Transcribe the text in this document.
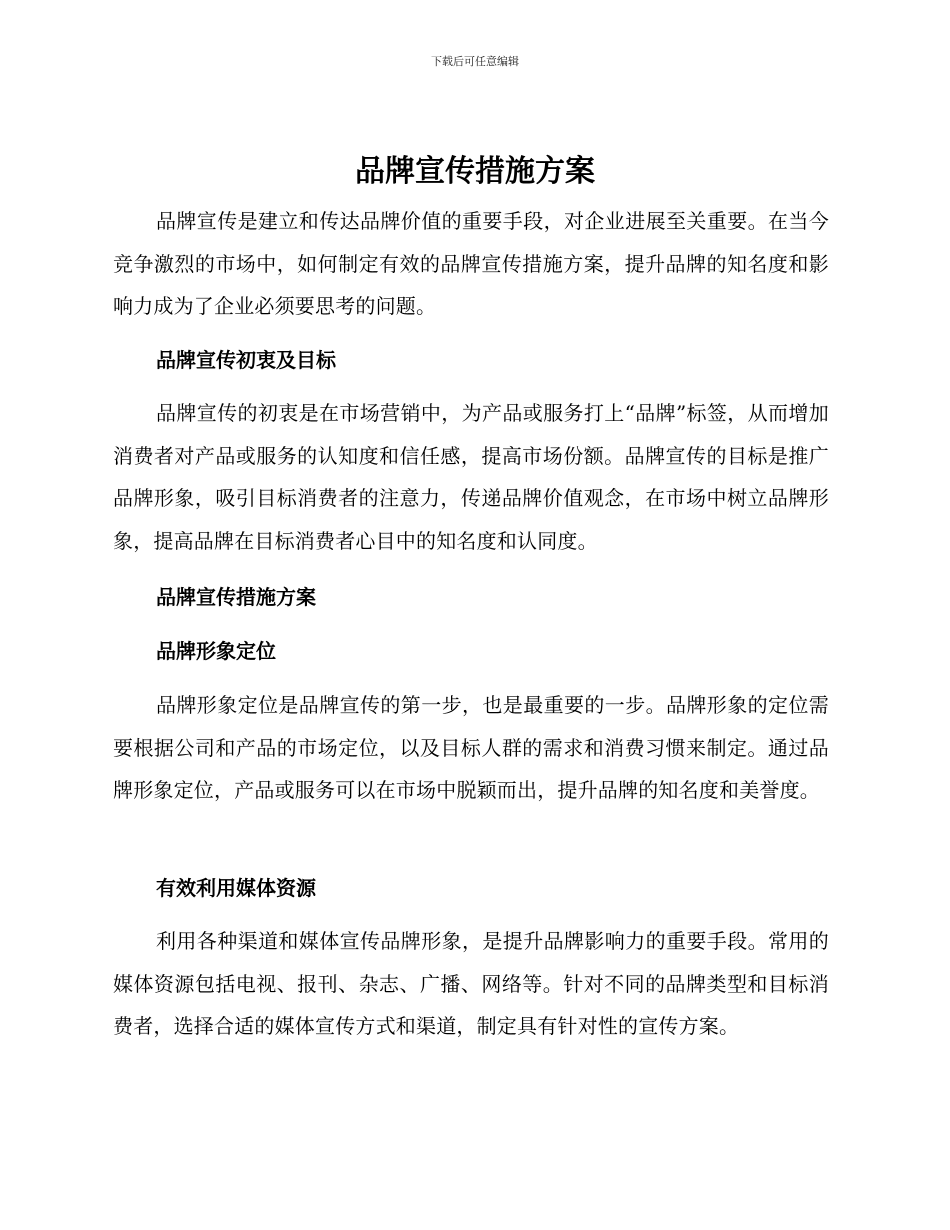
下载后可任意编辑
品牌宣传措施方案

品牌宣传是建立和传达品牌价值的重要手段，对企业进展至关重要。在当今竞争激烈的市场中，如何制定有效的品牌宣传措施方案，提升品牌的知名度和影响力成为了企业必须要思考的问题。

品牌宣传初衷及目标

品牌宣传的初衷是在市场营销中，为产品或服务打上“品牌”标签，从而增加消费者对产品或服务的认知度和信任感，提高市场份额。品牌宣传的目标是推广品牌形象，吸引目标消费者的注意力，传递品牌价值观念，在市场中树立品牌形象，提高品牌在目标消费者心目中的知名度和认同度。

品牌宣传措施方案
品牌形象定位

品牌形象定位是品牌宣传的第一步，也是最重要的一步。品牌形象的定位需要根据公司和产品的市场定位，以及目标人群的需求和消费习惯来制定。通过品牌形象定位，产品或服务可以在市场中脱颖而出，提升品牌的知名度和美誉度。

有效利用媒体资源

利用各种渠道和媒体宣传品牌形象，是提升品牌影响力的重要手段。常用的媒体资源包括电视、报刊、杂志、广播、网络等。针对不同的品牌类型和目标消费者，选择合适的媒体宣传方式和渠道，制定具有针对性的宣传方案。
